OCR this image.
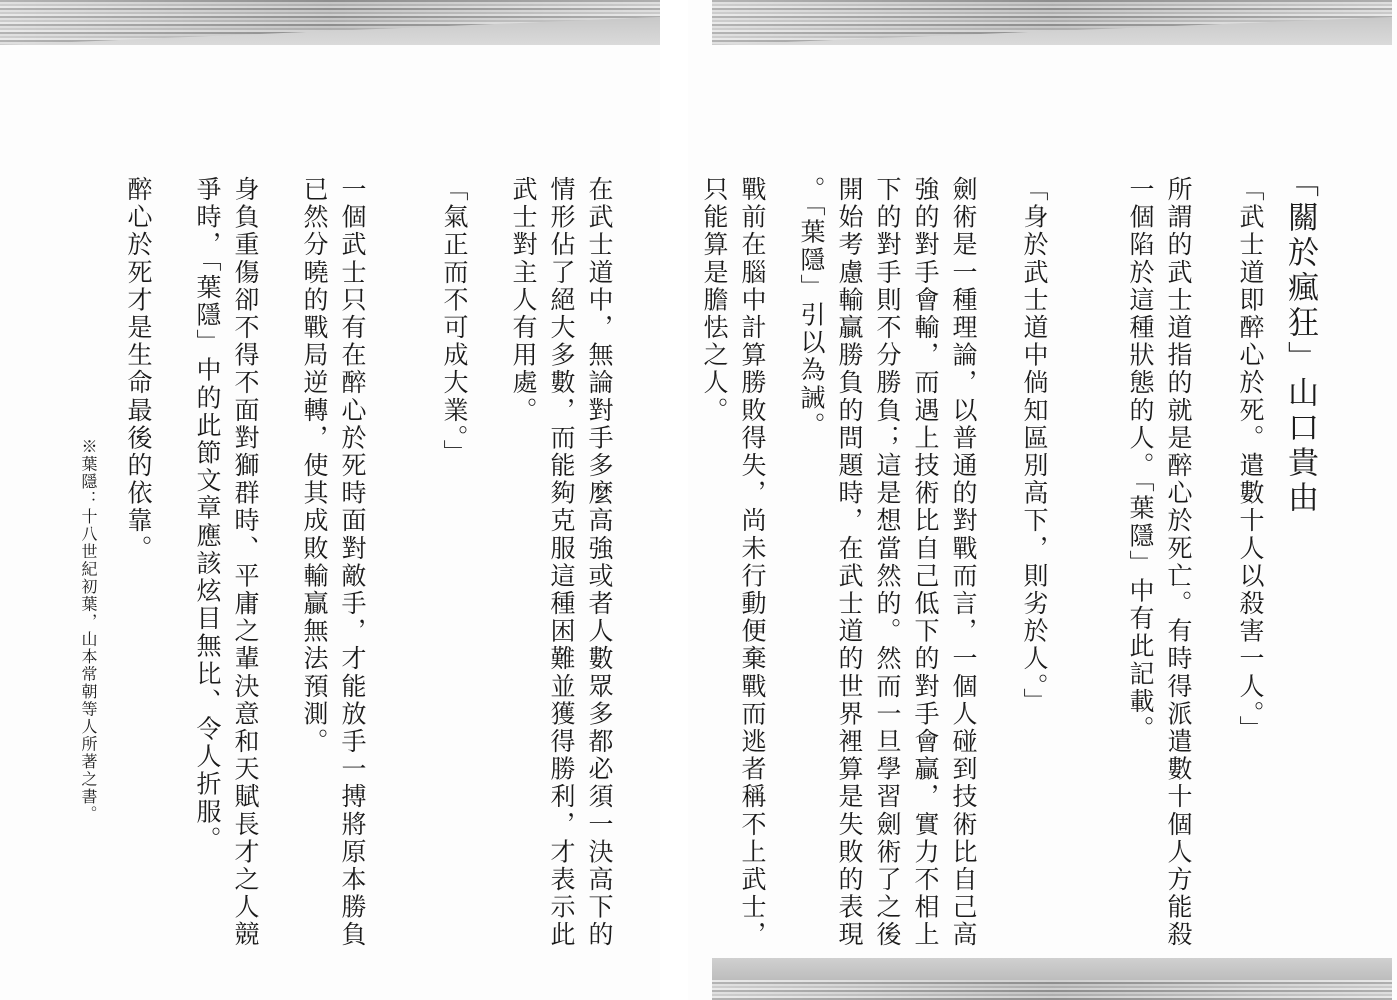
在武士道中，無論對手多麼高強或者人數眾多都必須一決高下的
情形佔了絕大多數，而能夠克服這種困難並獲得勝利，才表示此
武士對主人有用處。
「氣正而不可成大業。」
一個武士只有在醉心於死時面對敵手，才能放手一搏將原本勝負
已然分曉的戰局逆轉，使其成敗輸贏無法預測。
身負重傷卻不得不面對獅群時、平庸之輩決意和天賦長才之人競
爭時，「葉隱」中的此節文章應該炫目無比、令人折服。
醉心於死才是生命最後的依靠。
※葉隱：十八世紀初葉，山本常朝等人所著之書。
「關於瘋狂」山口貴由
「武士道即醉心於死。遣數十人以殺害一人。」
所謂的武士道指的就是醉心於死亡。有時得派遣數十個人方能殺
一個陷於這種狀態的人。「葉隱」中有此記載。
「身於武士道中倘知區別高下，則劣於人。」
劍術是一種理論，以普通的對戰而言，一個人碰到技術比自己高
強的對手會輸，而遇上技術比自己低下的對手會贏，實力不相上
下的對手則不分勝負；這是想當然的。然而一旦學習劍術了之後
開始考慮輸贏勝負的問題時，在武士道的世界裡算是失敗的表現
。「葉隱」引以為誡。
戰前在腦中計算勝敗得失，尚未行動便棄戰而逃者稱不上武士，
只能算是膽怯之人。
